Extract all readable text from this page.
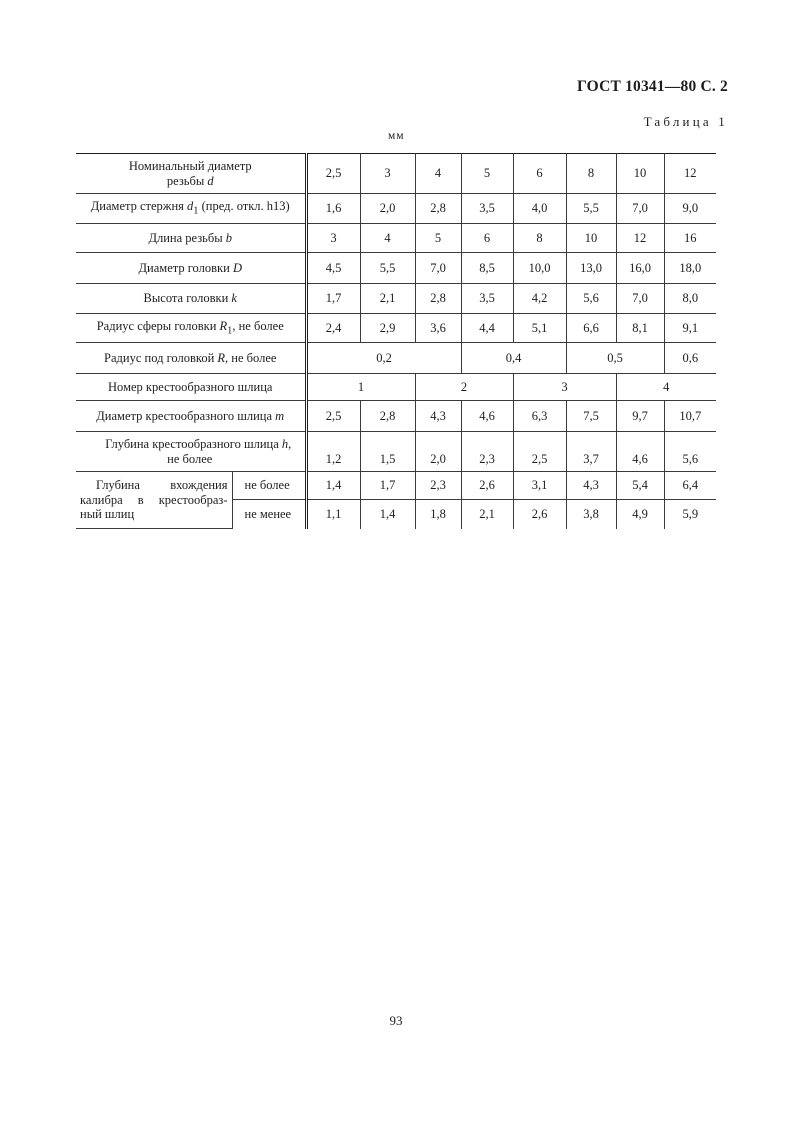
ГОСТ 10341—80 С. 2
Таблица 1
мм
Номинальный диаметр
резьбы d		2,5	3	4	5	6	8	10	12
Диаметр стержня $d_1$ (пред. откл. h13)		1,6	2,0	2,8	3,5	4,0	5,5	7,0	9,0
Длина резьбы b		3	4	5	6	8	10	12	16
Диаметр головки D		4,5	5,5	7,0	8,5	10,0	13,0	16,0	18,0
Высота головки k		1,7	2,1	2,8	3,5	4,2	5,6	7,0	8,0
Радиус сферы головки $R_1$, не более		2,4	2,9	3,6	4,4	5,1	6,6	8,1	9,1
Радиус под головкой R, не более		0,2			0,4		0,5		0,6
Номер крестообразного шлица		1		2		3		4	
Диаметр крестообразного шлица m		2,5	2,8	4,3	4,6	6,3	7,5	9,7	10,7
Глубина крестообразного шлица h,
не более		1,2	1,5	2,0	2,3	2,5	3,7	4,6	5,6

Глубина вхождения
калибра в крестообраз-
ный шлиц	не более	1,4	1,7	2,3	2,6	3,1	4,3	5,4	6,4
	не менее	1,1	1,4	1,8	2,1	2,6	3,8	4,9	5,9
93
